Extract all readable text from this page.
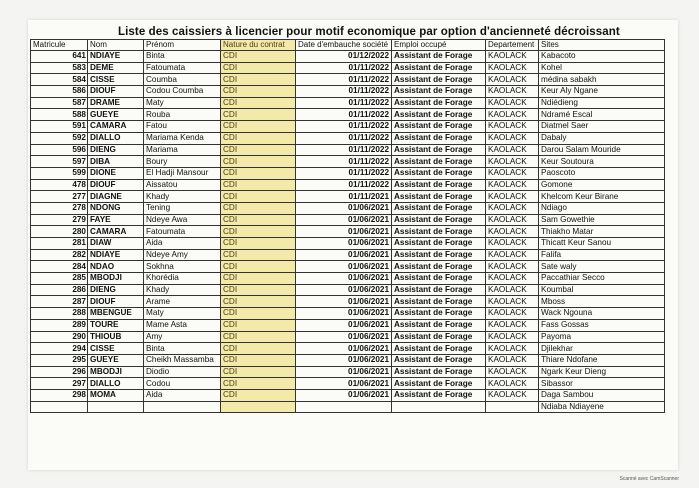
Liste des caissiers à licencier pour motif economique par option d'ancienneté décroissant
Matricule	Nom	Prénom	Nature du contrat	Date d'embauche société	Emploi occupé	Departement	Sites
641	NDIAYE	Binta	CDI	01/12/2022	Assistant de Forage	KAOLACK	Kabacoto
583	DEME	Fatoumata	CDI	01/11/2022	Assistant de Forage	KAOLACK	Kohel
584	CISSE	Coumba	CDI	01/11/2022	Assistant de Forage	KAOLACK	médina sabakh
586	DIOUF	Codou Coumba	CDI	01/11/2022	Assistant de Forage	KAOLACK	Keur Aly Ngane
587	DRAME	Maty	CDI	01/11/2022	Assistant de Forage	KAOLACK	Ndiédieng
588	GUEYE	Rouba	CDI	01/11/2022	Assistant de Forage	KAOLACK	Ndramé Escal
591	CAMARA	Fatou	CDI	01/11/2022	Assistant de Forage	KAOLACK	Diatmel Saer
592	DIALLO	Mariama Kenda	CDI	01/11/2022	Assistant de Forage	KAOLACK	Dabaly
596	DIENG	Mariama	CDI	01/11/2022	Assistant de Forage	KAOLACK	Darou Salam Mouride
597	DIBA	Boury	CDI	01/11/2022	Assistant de Forage	KAOLACK	Keur Soutoura
599	DIONE	El Hadji Mansour	CDI	01/11/2022	Assistant de Forage	KAOLACK	Paoscoto
478	DIOUF	Aissatou	CDI	01/11/2022	Assistant de Forage	KAOLACK	Gomone
277	DIAGNE	Khady	CDI	01/11/2021	Assistant de Forage	KAOLACK	Khelcom Keur Birane
278	NDONG	Tening	CDI	01/06/2021	Assistant de Forage	KAOLACK	Ndiago
279	FAYE	Ndeye Awa	CDI	01/06/2021	Assistant de Forage	KAOLACK	Sam Gowethie
280	CAMARA	Fatoumata	CDI	01/06/2021	Assistant de Forage	KAOLACK	Thiakho Matar
281	DIAW	Aida	CDI	01/06/2021	Assistant de Forage	KAOLACK	Thicatt Keur Sanou
282	NDIAYE	Ndeye Amy	CDI	01/06/2021	Assistant de Forage	KAOLACK	Falifa
284	NDAO	Sokhna	CDI	01/06/2021	Assistant de Forage	KAOLACK	Sate waly
285	MBODJI	Khorédia	CDI	01/06/2021	Assistant de Forage	KAOLACK	Paccathiar Secco
286	DIENG	Khady	CDI	01/06/2021	Assistant de Forage	KAOLACK	Koumbal
287	DIOUF	Arame	CDI	01/06/2021	Assistant de Forage	KAOLACK	Mboss
288	MBENGUE	Maty	CDI	01/06/2021	Assistant de Forage	KAOLACK	Wack Ngouna
289	TOURE	Mame Asta	CDI	01/06/2021	Assistant de Forage	KAOLACK	Fass Gossas
290	THIOUB	Amy	CDI	01/06/2021	Assistant de Forage	KAOLACK	Payoma
294	CISSE	Binta	CDI	01/06/2021	Assistant de Forage	KAOLACK	Djilekhar
295	GUEYE	Cheikh Massamba	CDI	01/06/2021	Assistant de Forage	KAOLACK	Thiare Ndofane
296	MBODJI	Diodio	CDI	01/06/2021	Assistant de Forage	KAOLACK	Ngark Keur Dieng
297	DIALLO	Codou	CDI	01/06/2021	Assistant de Forage	KAOLACK	Sibassor
298	MOMA	Aida	CDI	01/06/2021	Assistant de Forage	KAOLACK	Daga Sambou
							Ndiaba Ndiayene
Scanné avec CamScanner
